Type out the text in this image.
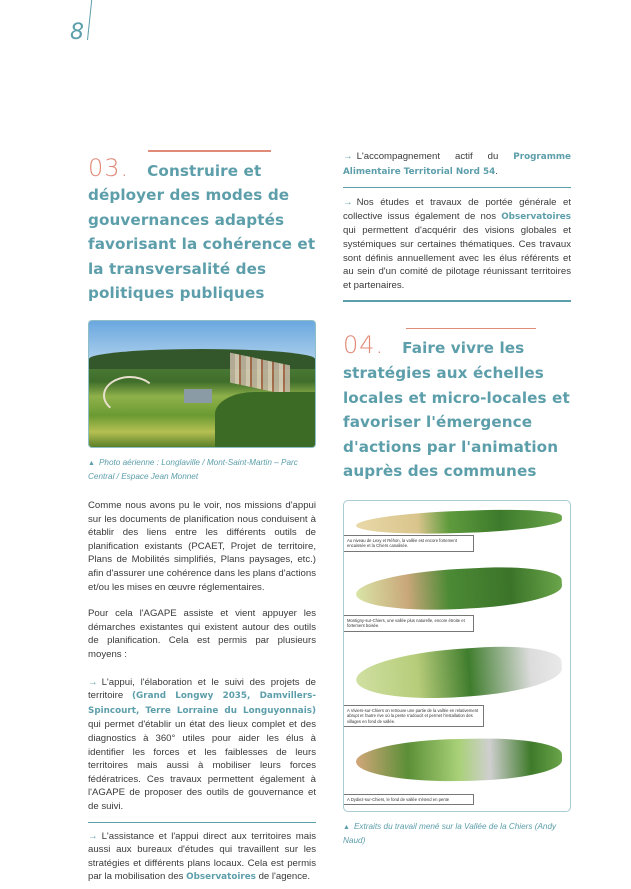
8
03. Construire et déployer des modes de gouvernances adaptés favorisant la cohérence et la transversalité des politiques publiques
▲ Photo aérienne : Longlaville / Mont-Saint-Martin – Parc Central / Espace Jean Monnet

Comme nous avons pu le voir, nos missions d'appui sur les documents de planification nous conduisent à établir des liens entre les différents outils de planification existants (PCAET, Projet de territoire, Plans de Mobilités simplifiés, Plans paysages, etc.) afin d'assurer une cohérence dans les plans d'actions et/ou les mises en œuvre réglementaires.

Pour cela l'AGAPE assiste et vient appuyer les démarches existantes qui existent autour des outils de planification. Cela est permis par plusieurs moyens :

→ L'appui, l'élaboration et le suivi des projets de territoire (Grand Longwy 2035, Damvillers-Spincourt, Terre Lorraine du Longuyonnais) qui permet d'établir un état des lieux complet et des diagnostics à 360° utiles pour aider les élus à identifier les forces et les faiblesses de leurs territoires mais aussi à mobiliser leurs forces fédératrices. Ces travaux permettent également à l'AGAPE de proposer des outils de gouvernance et de suivi.
→ L'assistance et l'appui direct aux territoires mais aussi aux bureaux d'études qui travaillent sur les stratégies et différents plans locaux. Cela est permis par la mobilisation des Observatoires de l'agence.
→ L'accompagnement actif du Programme Alimentaire Territorial Nord 54.
→ Nos études et travaux de portée générale et collective issus également de nos Observatoires qui permettent d'acquérir des visions globales et systémiques sur certaines thématiques. Ces travaux sont définis annuellement avec les élus référents et au sein d'un comité de pilotage réunissant territoires et partenaires.
04. Faire vivre les stratégies aux échelles locales et micro-locales et favoriser l'émergence d'actions par l'animation auprès des communes
Au niveau de Lexy et Réhon, la vallée est encore fortement encaissée et la Chiers canalisée.
Montigny-sur-Chiers, une vallée plus naturelle, encore étroite et fortement boisée.
A Viviers-sur-Chiers on retrouve une partie de la vallée en relativement abrupt et l'autre rive où la pente s'adoucit et permet l'installation des villages en fond de vallée.
A Dydiez-sur-Chiers, le fond de vallée s'étend en pente
▲ Extraits du travail mené sur la Vallée de la Chiers (Andy Naud)
